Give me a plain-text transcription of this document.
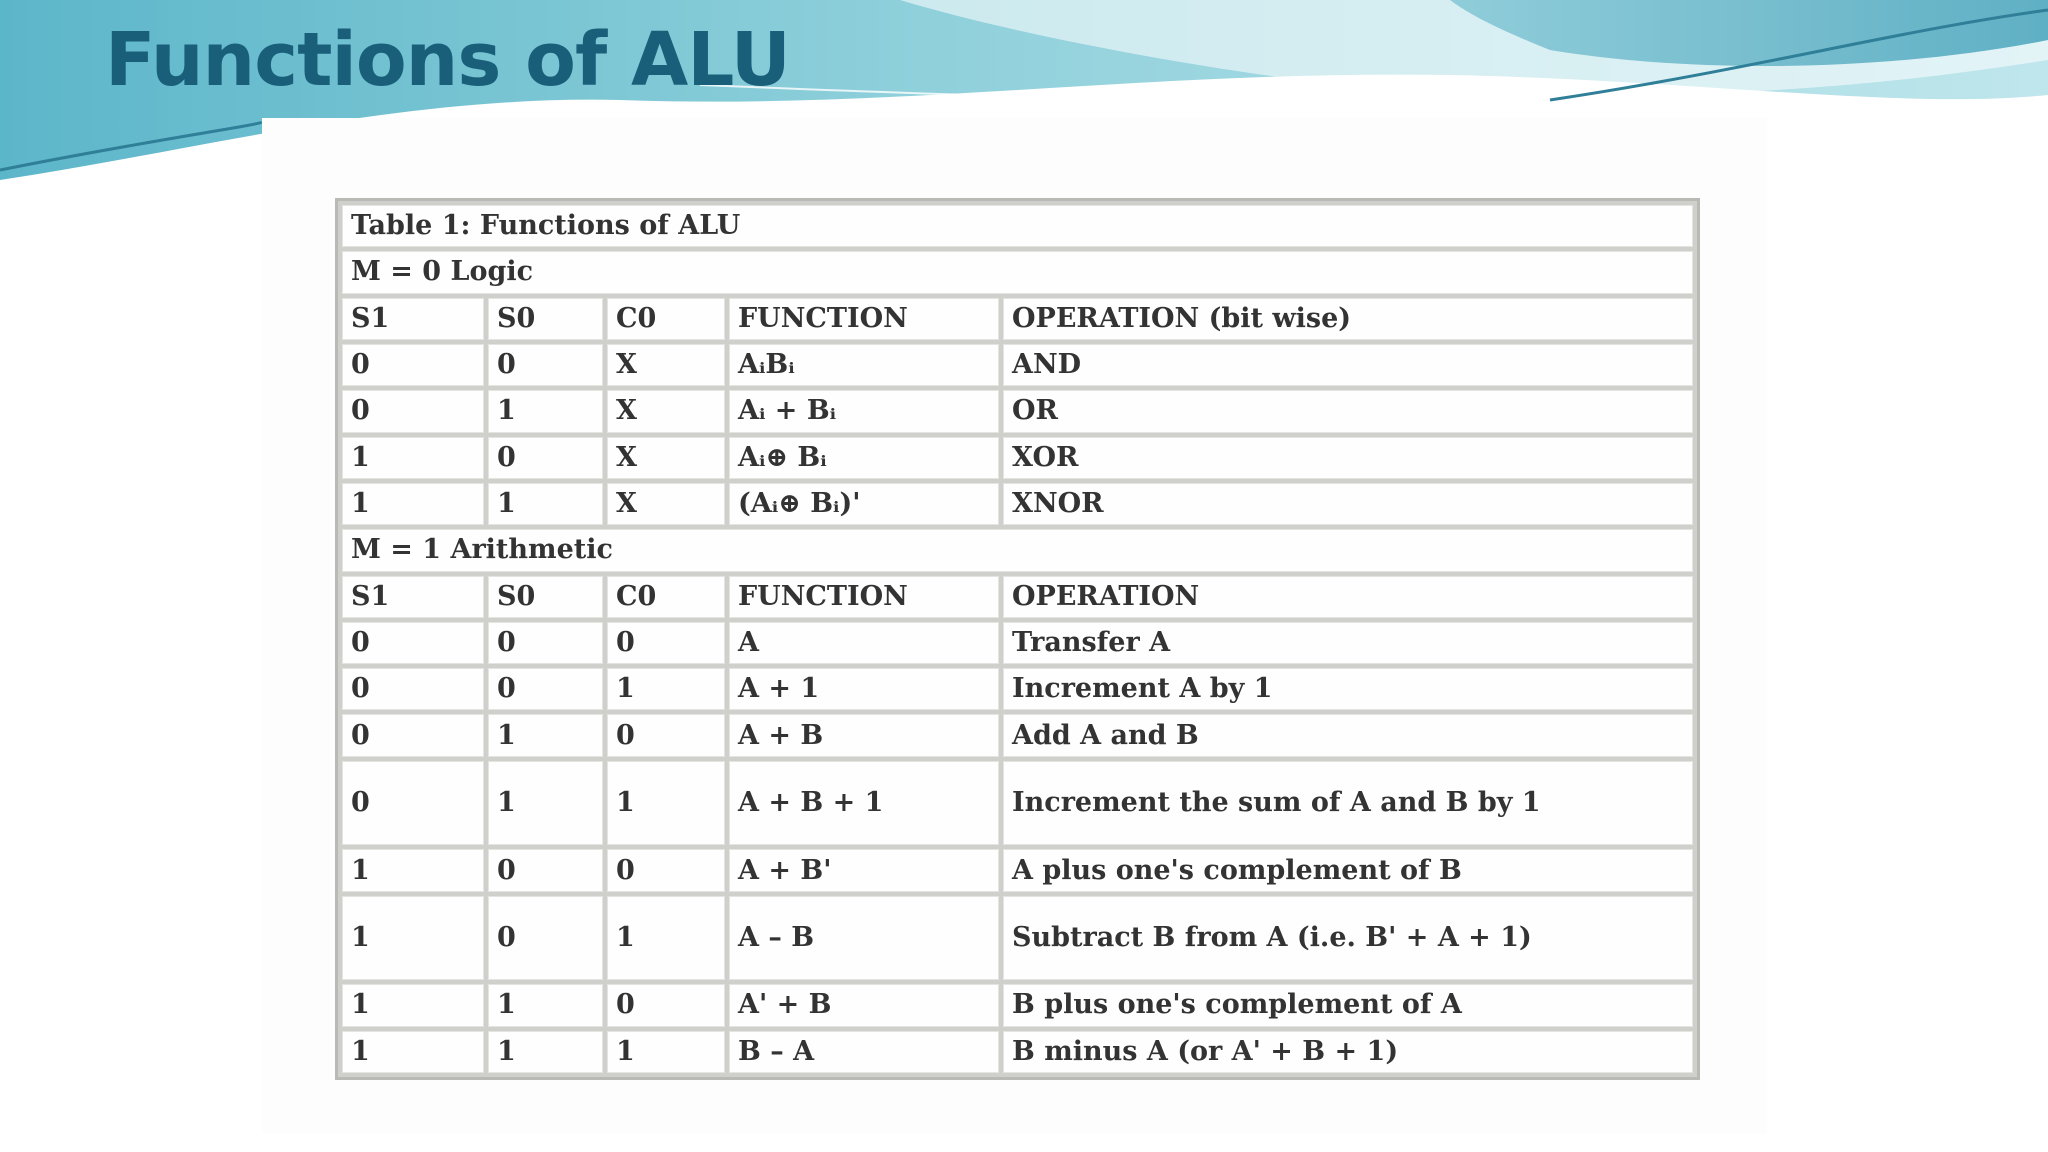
Functions of ALU
Table 1: Functions of ALU				
M = 0 Logic				
S1	S0	C0	FUNCTION	OPERATION (bit wise)
0	0	X	AᵢBᵢ	AND
0	1	X	Aᵢ + Bᵢ	OR
1	0	X	Aᵢ⊕ Bᵢ	XOR
1	1	X	(Aᵢ⊕ Bᵢ)'	XNOR
M = 1 Arithmetic				
S1	S0	C0	FUNCTION	OPERATION
0	0	0	A	Transfer A
0	0	1	A + 1	Increment A by 1
0	1	0	A + B	Add A and B
0	1	1	A + B + 1	Increment the sum of A and B by 1
1	0	0	A + B'	A plus one's complement of B
1	0	1	A – B	Subtract B from A (i.e. B' + A + 1)
1	1	0	A' + B	B plus one's complement of A
1	1	1	B – A	B minus A (or A' + B + 1)
